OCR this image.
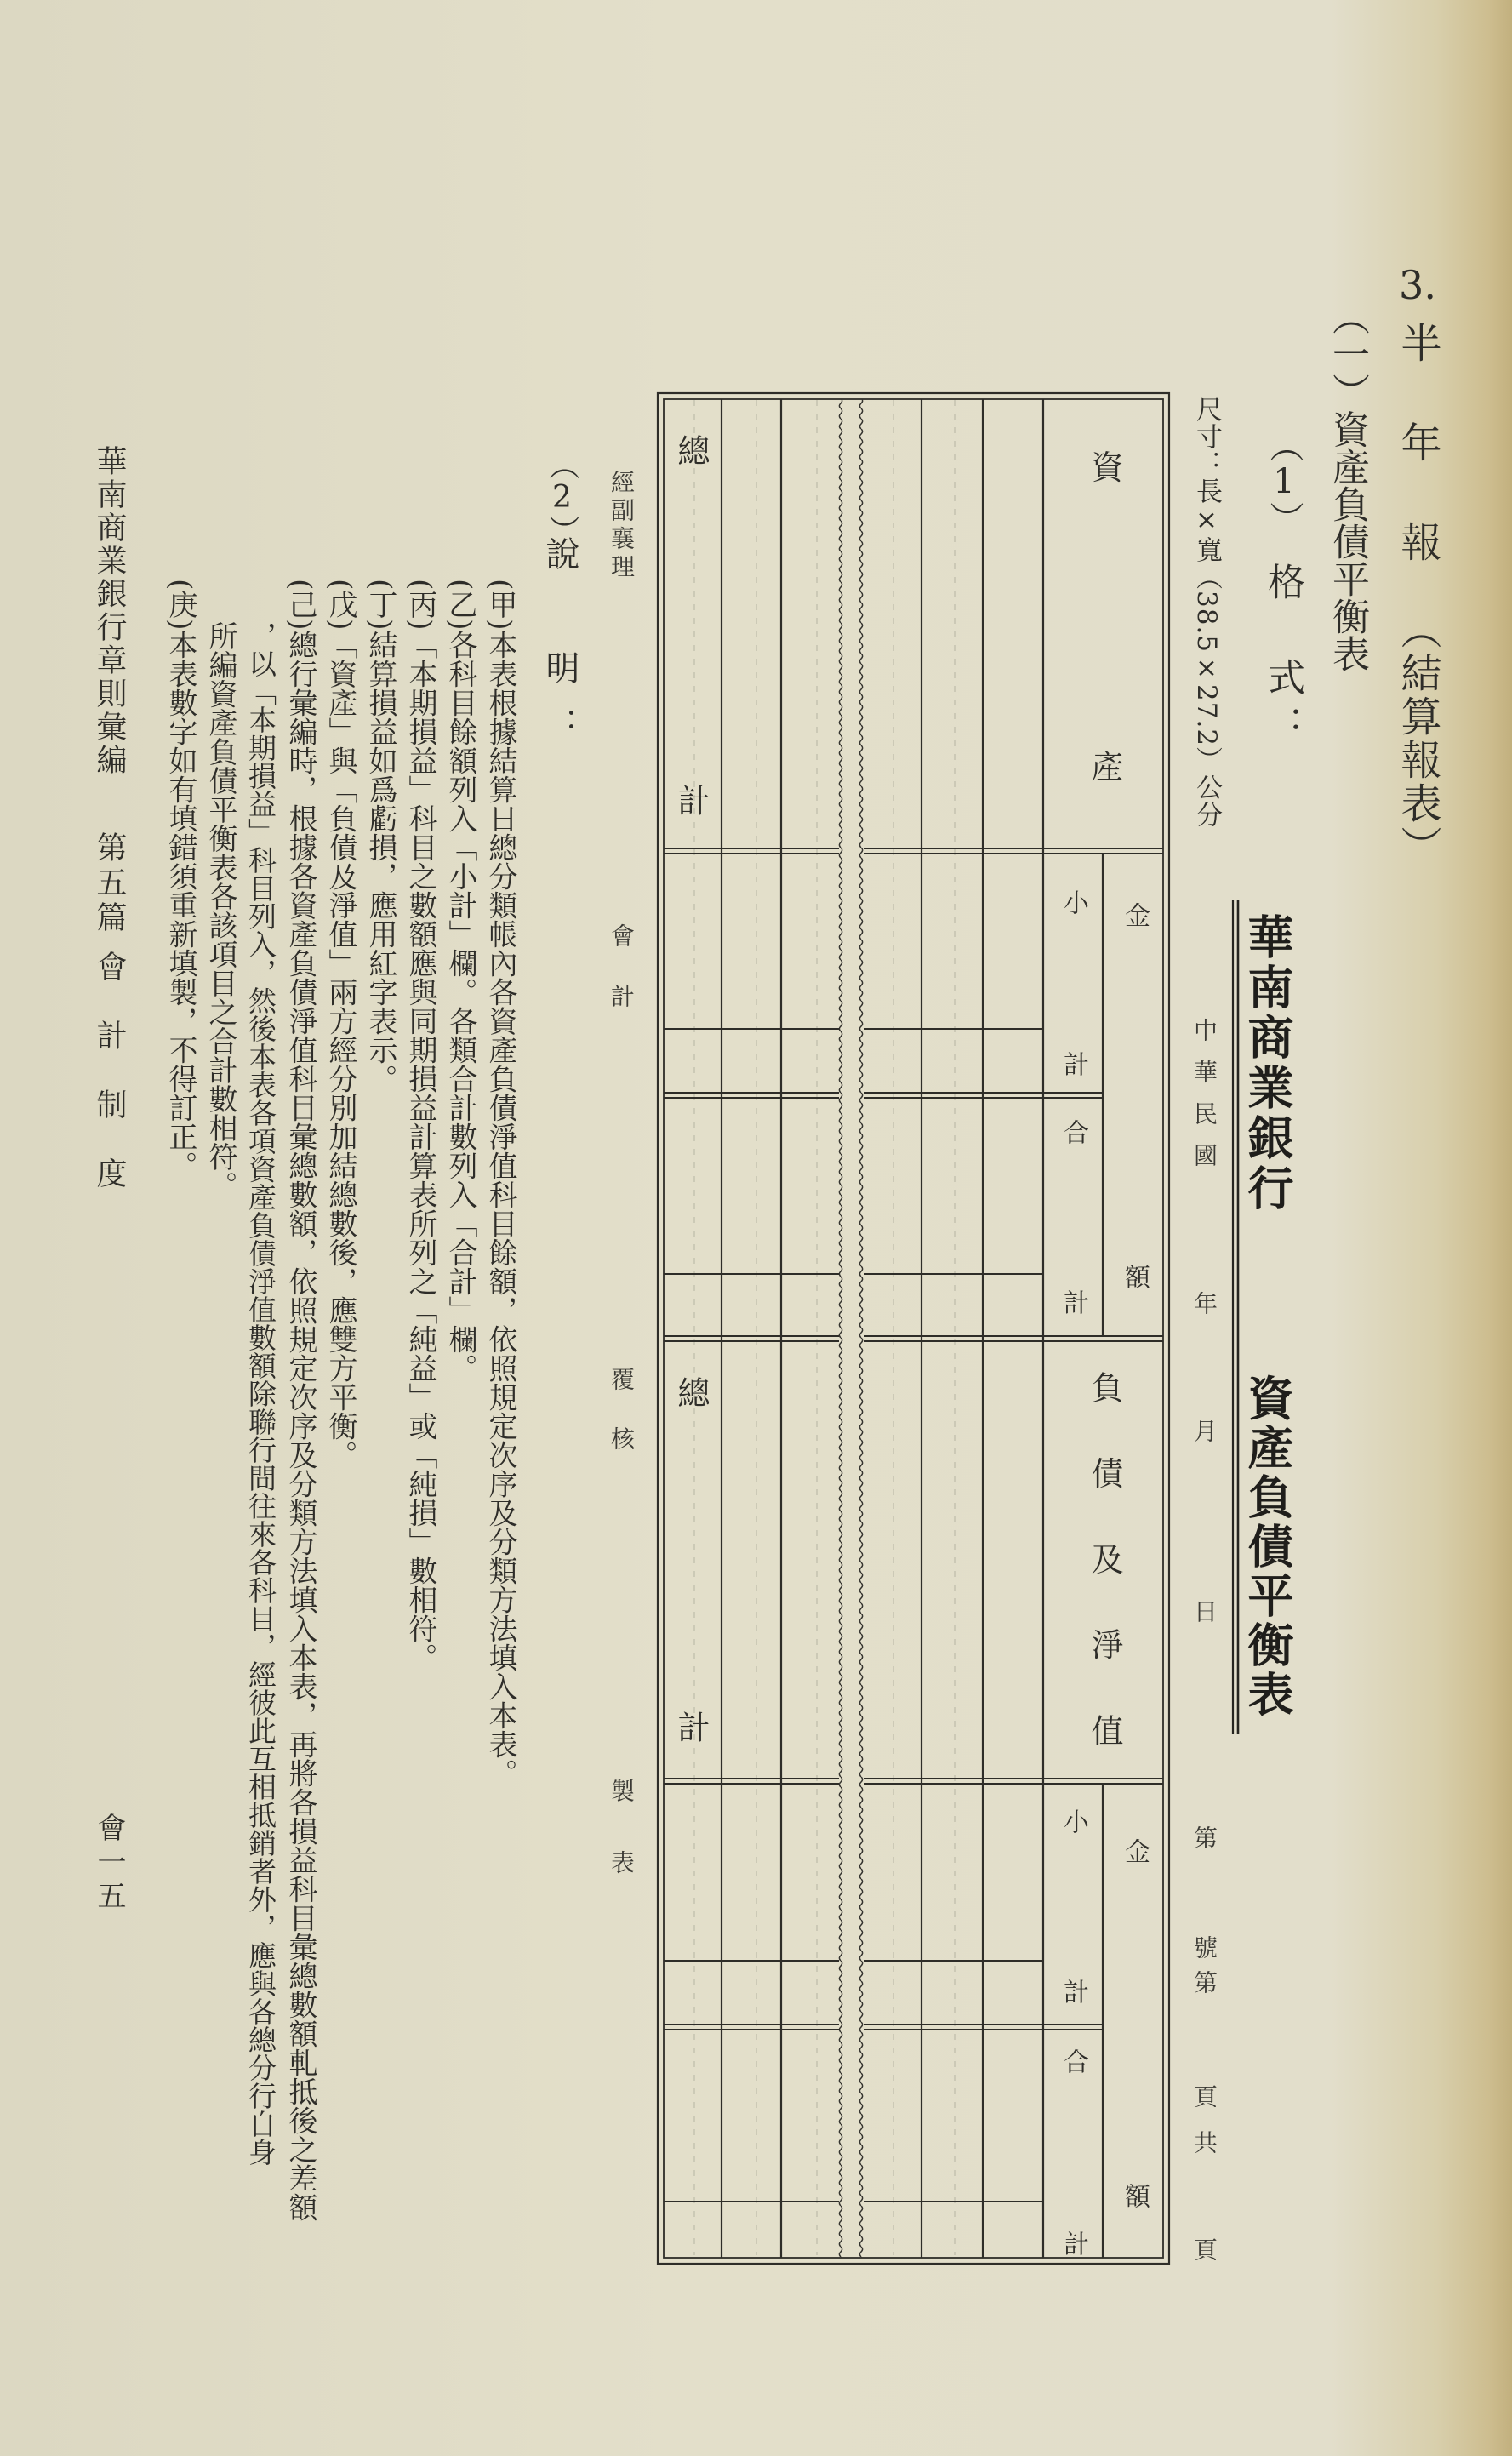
3.
半年報
（結算報表）
（一）資產負債平衡表
（1）
格　式：
尺寸：長×寬（38.5×27.2）公分
華南商業銀行
資產負債平衡表
中華民國
年
月
日
第
號
第
頁
共
頁
資產
金額
小計
合計
總計
負債及淨值
金額
小計
合計
總計
經副襄理
會計
覆核
製表
（2）
說　明：
(甲)本表根據結算日總分類帳內各資產負債淨值科目餘額，依照規定次序及分類方法填入本表。
(乙)各科目餘額列入「小計」欄。各類合計數列入「合計」欄。
(丙)「本期損益」科目之數額應與同期損益計算表所列之「純益」或「純損」數相符。
(丁)結算損益如爲虧損，應用紅字表示。
(戊)「資產」與「負債及淨值」兩方經分別加結總數後，應雙方平衡。
(己)總行彙編時，根據各資產負債淨值科目彙總數額，依照規定次序及分類方法填入本表，再將各損益科目彙總數額軋抵後之差額
，以「本期損益」科目列入，然後本表各項資產負債淨值數額除聯行間往來各科目，經彼此互相抵銷者外，應與各總分行自身
所編資產負債平衡表各該項目之合計數相符。
(庚)本表數字如有填錯須重新填製，不得訂正。
華南商業銀行章則彙編
第五篇
會計制度
會一五
